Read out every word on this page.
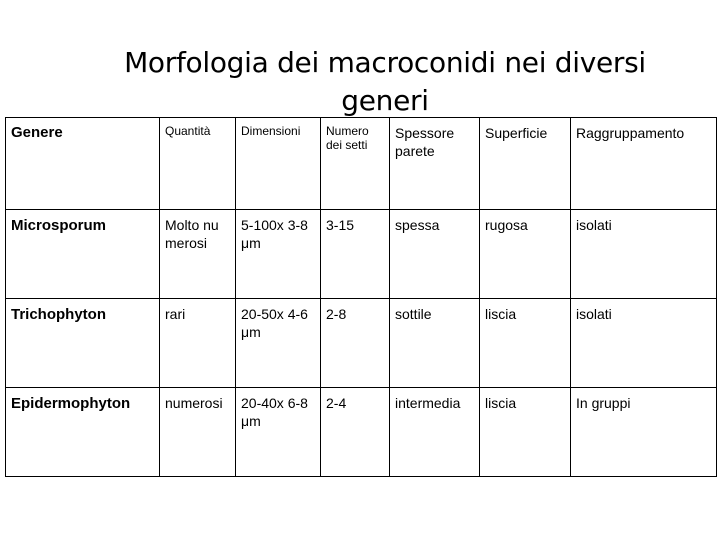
Morfologia dei macroconidi nei diversi generi
Genere	Quantità	Dimensioni	Numero dei setti	Spessore parete	Superficie	Raggruppamento
Microsporum	Molto numerosi	5-100x 3-8μm	3-15	spessa	rugosa	isolati
Trichophyton	rari	20-50x 4-6μm	2-8	sottile	liscia	isolati
Epidermophyton	numerosi	20-40x 6-8μm	2-4	intermedia	liscia	In gruppi
